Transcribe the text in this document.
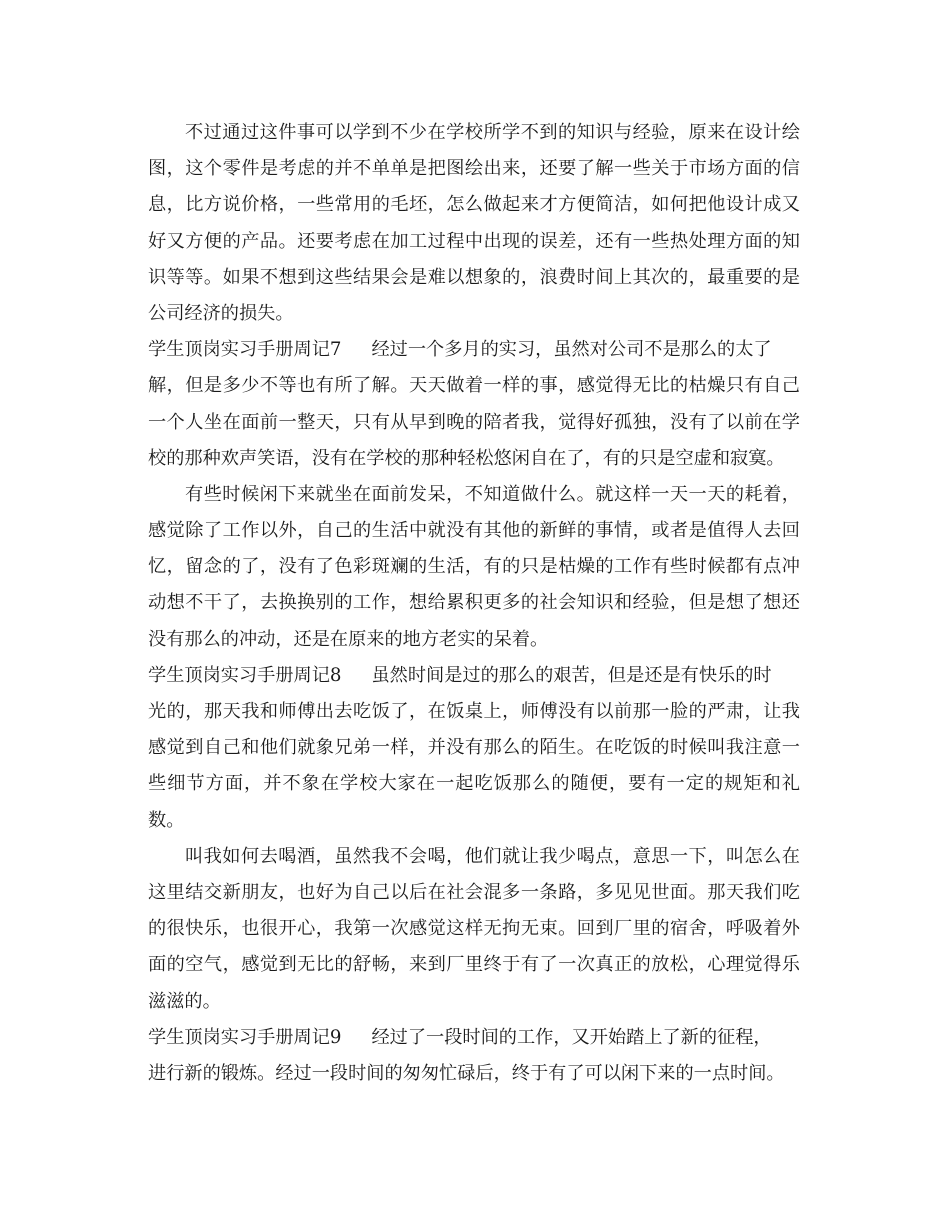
不过通过这件事可以学到不少在学校所学不到的知识与经验，原来在设计绘
图，这个零件是考虑的并不单单是把图绘出来，还要了解一些关于市场方面的信
息，比方说价格，一些常用的毛坯，怎么做起来才方便简洁，如何把他设计成又
好又方便的产品。还要考虑在加工过程中出现的误差，还有一些热处理方面的知
识等等。如果不想到这些结果会是难以想象的，浪费时间上其次的，最重要的是
公司经济的损失。
学生顶岗实习手册周记7 经过一个多月的实习，虽然对公司不是那么的太了
解，但是多少不等也有所了解。天天做着一样的事，感觉得无比的枯燥只有自己
一个人坐在面前一整天，只有从早到晚的陪者我，觉得好孤独，没有了以前在学
校的那种欢声笑语，没有在学校的那种轻松悠闲自在了，有的只是空虚和寂寞。
有些时候闲下来就坐在面前发呆，不知道做什么。就这样一天一天的耗着，
感觉除了工作以外，自己的生活中就没有其他的新鲜的事情，或者是值得人去回
忆，留念的了，没有了色彩斑斓的生活，有的只是枯燥的工作有些时候都有点冲
动想不干了，去换换别的工作，想给累积更多的社会知识和经验，但是想了想还
没有那么的冲动，还是在原来的地方老实的呆着。
学生顶岗实习手册周记8 虽然时间是过的那么的艰苦，但是还是有快乐的时
光的，那天我和师傅出去吃饭了，在饭桌上，师傅没有以前那一脸的严肃，让我
感觉到自己和他们就象兄弟一样，并没有那么的陌生。在吃饭的时候叫我注意一
些细节方面，并不象在学校大家在一起吃饭那么的随便，要有一定的规矩和礼
数。
叫我如何去喝酒，虽然我不会喝，他们就让我少喝点，意思一下，叫怎么在
这里结交新朋友，也好为自己以后在社会混多一条路，多见见世面。那天我们吃
的很快乐，也很开心，我第一次感觉这样无拘无束。回到厂里的宿舍，呼吸着外
面的空气，感觉到无比的舒畅，来到厂里终于有了一次真正的放松，心理觉得乐
滋滋的。
学生顶岗实习手册周记9 经过了一段时间的工作，又开始踏上了新的征程，
进行新的锻炼。经过一段时间的匆匆忙碌后，终于有了可以闲下来的一点时间。
